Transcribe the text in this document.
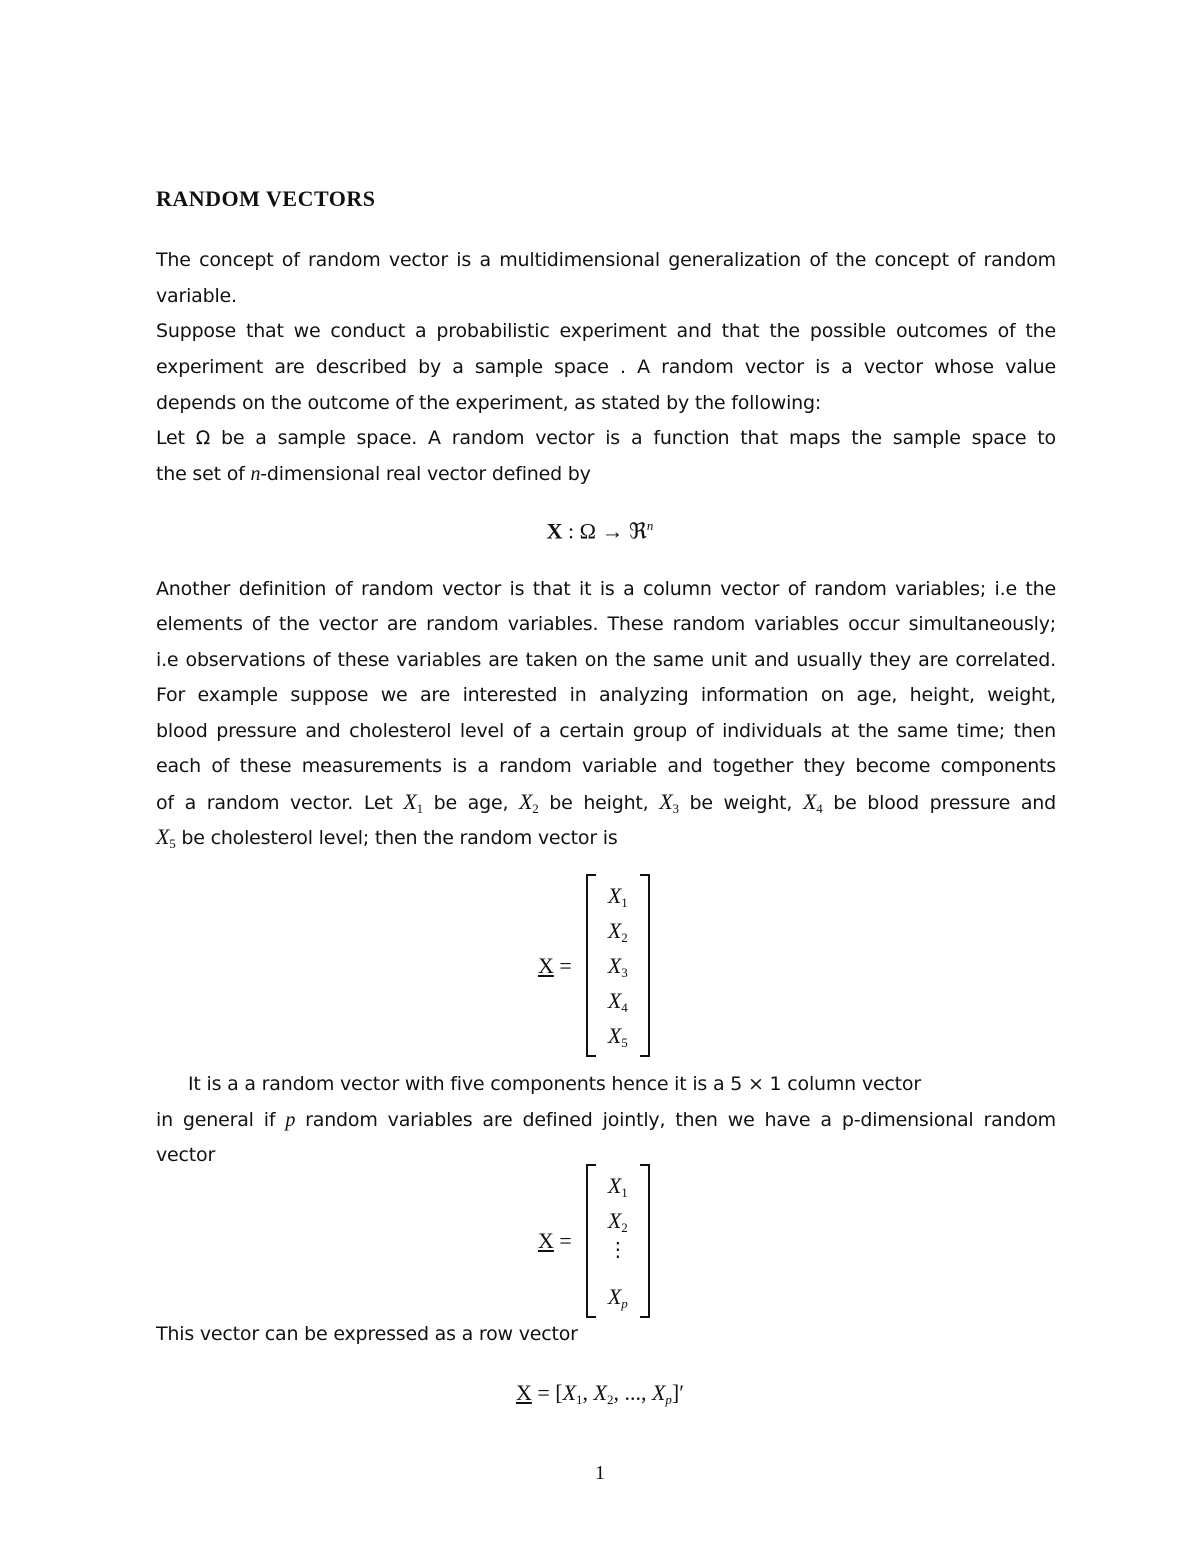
RANDOM VECTORS
The concept of random vector is a multidimensional generalization of the concept of random
variable.
Suppose that we conduct a probabilistic experiment and that the possible outcomes of the
experiment are described by a sample space . A random vector is a vector whose value
depends on the outcome of the experiment, as stated by the following:
Let Ω be a sample space. A random vector is a function that maps the sample space to
the set of n-dimensional real vector defined by
X : Ω → ℜ$^n$
Another definition of random vector is that it is a column vector of random variables; i.e the
elements of the vector are random variables. These random variables occur simultaneously;
i.e observations of these variables are taken on the same unit and usually they are correlated.
For example suppose we are interested in analyzing information on age, height, weight,
blood pressure and cholesterol level of a certain group of individuals at the same time; then
each of these measurements is a random variable and together they become components
of a random vector. Let $X_1$ be age, $X_2$ be height, $X_3$ be weight, $X_4$ be blood pressure and
$X_5$ be cholesterol level; then the random vector is
X =
$X_1$
$X_2$
$X_3$
$X_4$
$X_5$
It is a a random vector with five components hence it is a 5 × 1 column vector
in general if p random variables are defined jointly, then we have a p-dimensional random
vector
X =
$X_1$
$X_2$
⋮
$X_p$
This vector can be expressed as a row vector
$X = [X_1$, $X_2$, ..., $X_p]'$
1
